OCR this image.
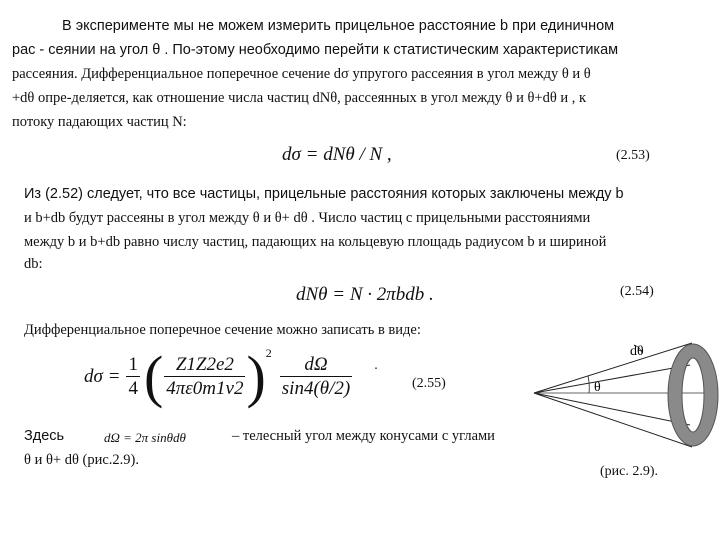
В эксперименте мы не можем измерить прицельное расстояние b при единичном
рас - сеянии на угол θ . По-этому необходимо перейти к статистическим характеристикам
рассеяния. Дифференциальное поперечное сечение dσ упругого рассеяния в угол между θ и θ
+dθ опре-деляется, как отношение числа частиц dNθ, рассеянных в угол между θ и θ+dθ и , к
потоку падающих частиц N:
dσ = dNθ / N ,	(2.53)
Из (2.52) следует, что все частицы, прицельные расстояния которых заключены между b
и b+db будут рассеяны в угол между θ и θ+ dθ . Число частиц с прицельными расстояниями
между b и b+db равно числу частиц, падающих на кольцевую площадь радиусом b и шириной
db:
dNθ = N · 2πbdb .	(2.54)
Дифференциальное поперечное сечение можно записать в виде:
$d\sigma = \frac{1}{4}$ ( $\frac{Z1Z2e2}{4\pi\varepsilon 0m1v2}$ ) 2
$\frac{d\Omega}{\sin 4(\theta/2)}$ .
(2.55)
Здесь	dΩ = 2π sinθdθ	– телесный угол между конусами с углами
θ и θ+ dθ (рис.2.9).
dθ
θ
(рис. 2.9).
